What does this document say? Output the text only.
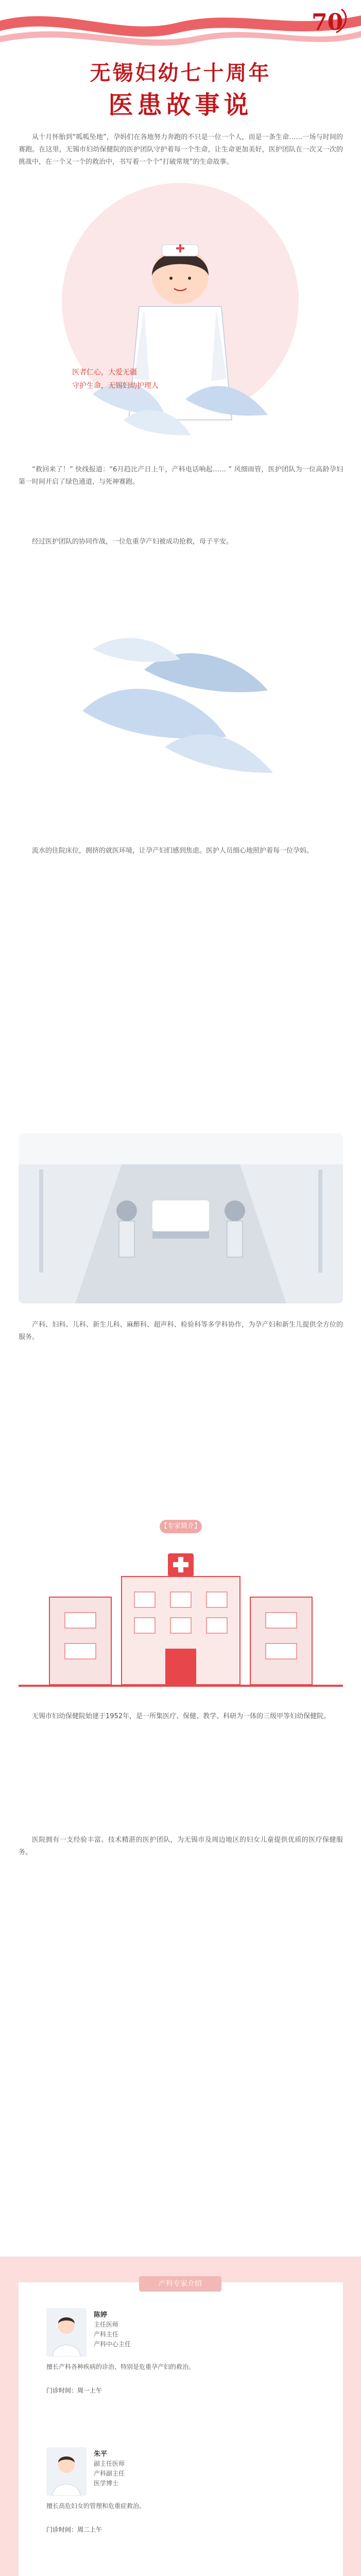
70
无锡妇幼七十周年
医患故事说
从十月怀胎到“呱呱坠地”，孕妈们在各地努力奔跑的不只是一位一个人，而是一条生命……一场与时间的赛跑。在这里，无锡市妇幼保健院的医护团队守护着每一个生命，让生命更加美好，医护团队在一次又一次的挑战中，在一个又一个的救治中，书写着一个个“打破常规”的生命故事。
医者仁心，大爱无疆
守护生命，无锡妇幼护理人
“救回来了！” 快线报道：“6月趋比产日上午，产科电话响起…… ” 风细雨管，医护团队为一位高龄孕妇第一时间开启了绿色通道，与死神赛跑。
经过医护团队的协同作战，一位危重孕产妇被成功抢救，母子平安。
流水的住院床位，拥挤的就医环境，让孕产妇们感到焦虑。医护人员细心地照护着每一位孕妈。
产科、妇科、儿科、新生儿科、麻醉科、超声科、检验科等多学科协作，为孕产妇和新生儿提供全方位的服务。
【专家简介】
无锡市妇幼保健院始建于1952年，是一所集医疗、保健、教学、科研为一体的三级甲等妇幼保健院。
医院拥有一支经验丰富、技术精湛的医护团队，为无锡市及周边地区的妇女儿童提供优质的医疗保健服务。
产科专家介绍
陈婷
主任医师
产科主任
产科中心主任
擅长产科各种疾病的诊治，特别是危重孕产妇的救治。
门诊时间：周一上午
朱平
副主任医师
产科副主任
医学博士
擅长高危妇女的管理和危重症救治。
门诊时间：周二上午
